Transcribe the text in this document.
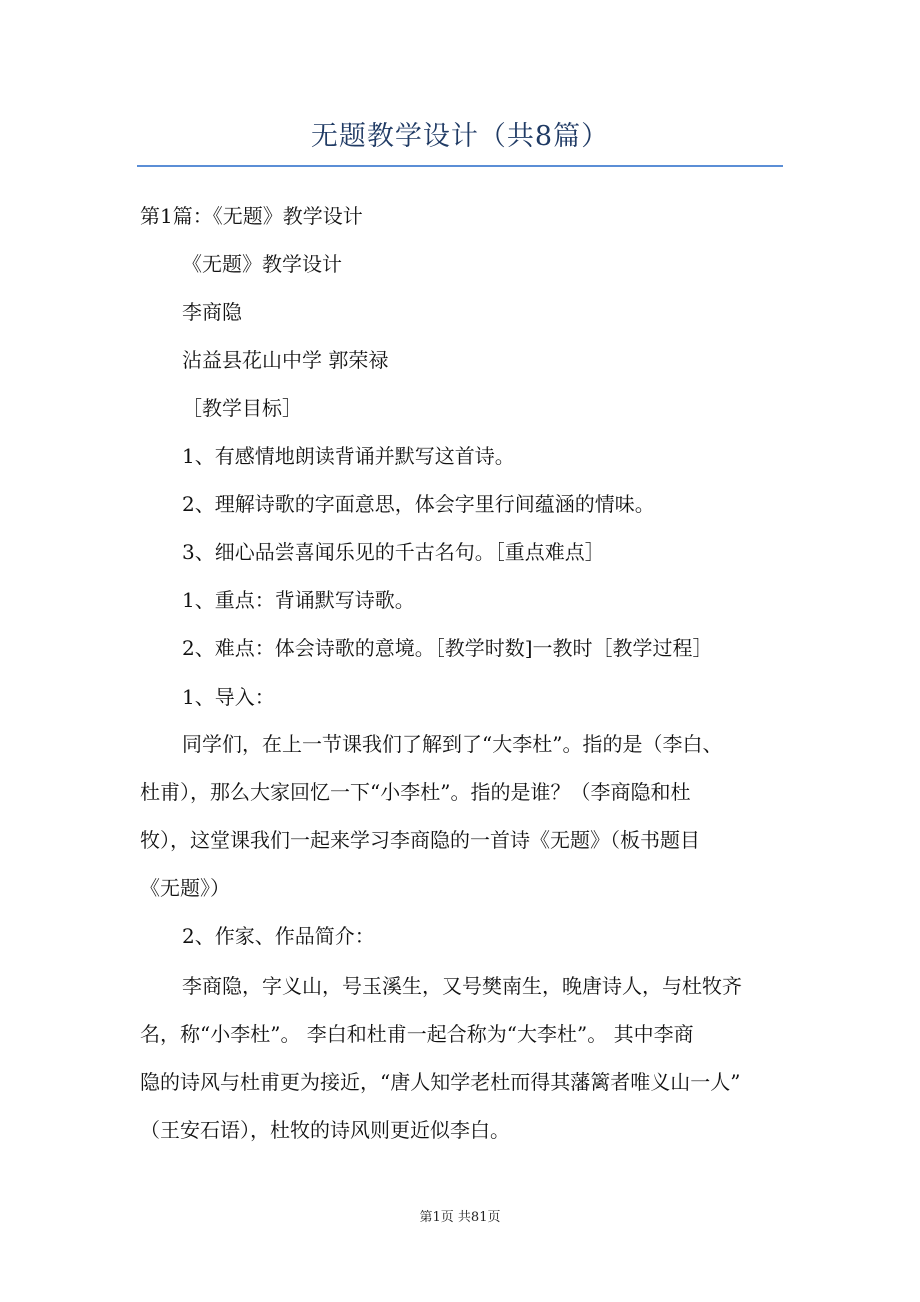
无题教学设计（共8篇）
第1篇：《无题》教学设计
《无题》教学设计
李商隐
沾益县花山中学 郭荣禄
［教学目标］
1、有感情地朗读背诵并默写这首诗。
2、理解诗歌的字面意思，体会字里行间蕴涵的情味。
3、细心品尝喜闻乐见的千古名句。［重点难点］
1、重点：背诵默写诗歌。
2、难点：体会诗歌的意境。［教学时数]一教时［教学过程］
1、导入：
同学们，在上一节课我们了解到了“大李杜”。指的是（李白、
杜甫），那么大家回忆一下“小李杜”。指的是谁？（李商隐和杜
牧），这堂课我们一起来学习李商隐的一首诗《无题》（板书题目
《无题》）
2、作家、作品简介：
李商隐，字义山，号玉溪生，又号樊南生，晚唐诗人，与杜牧齐
名，称“小李杜”。 李白和杜甫一起合称为“大李杜”。 其中李商
隐的诗风与杜甫更为接近，“唐人知学老杜而得其藩篱者唯义山一人”
（王安石语），杜牧的诗风则更近似李白。
第1页 共81页
